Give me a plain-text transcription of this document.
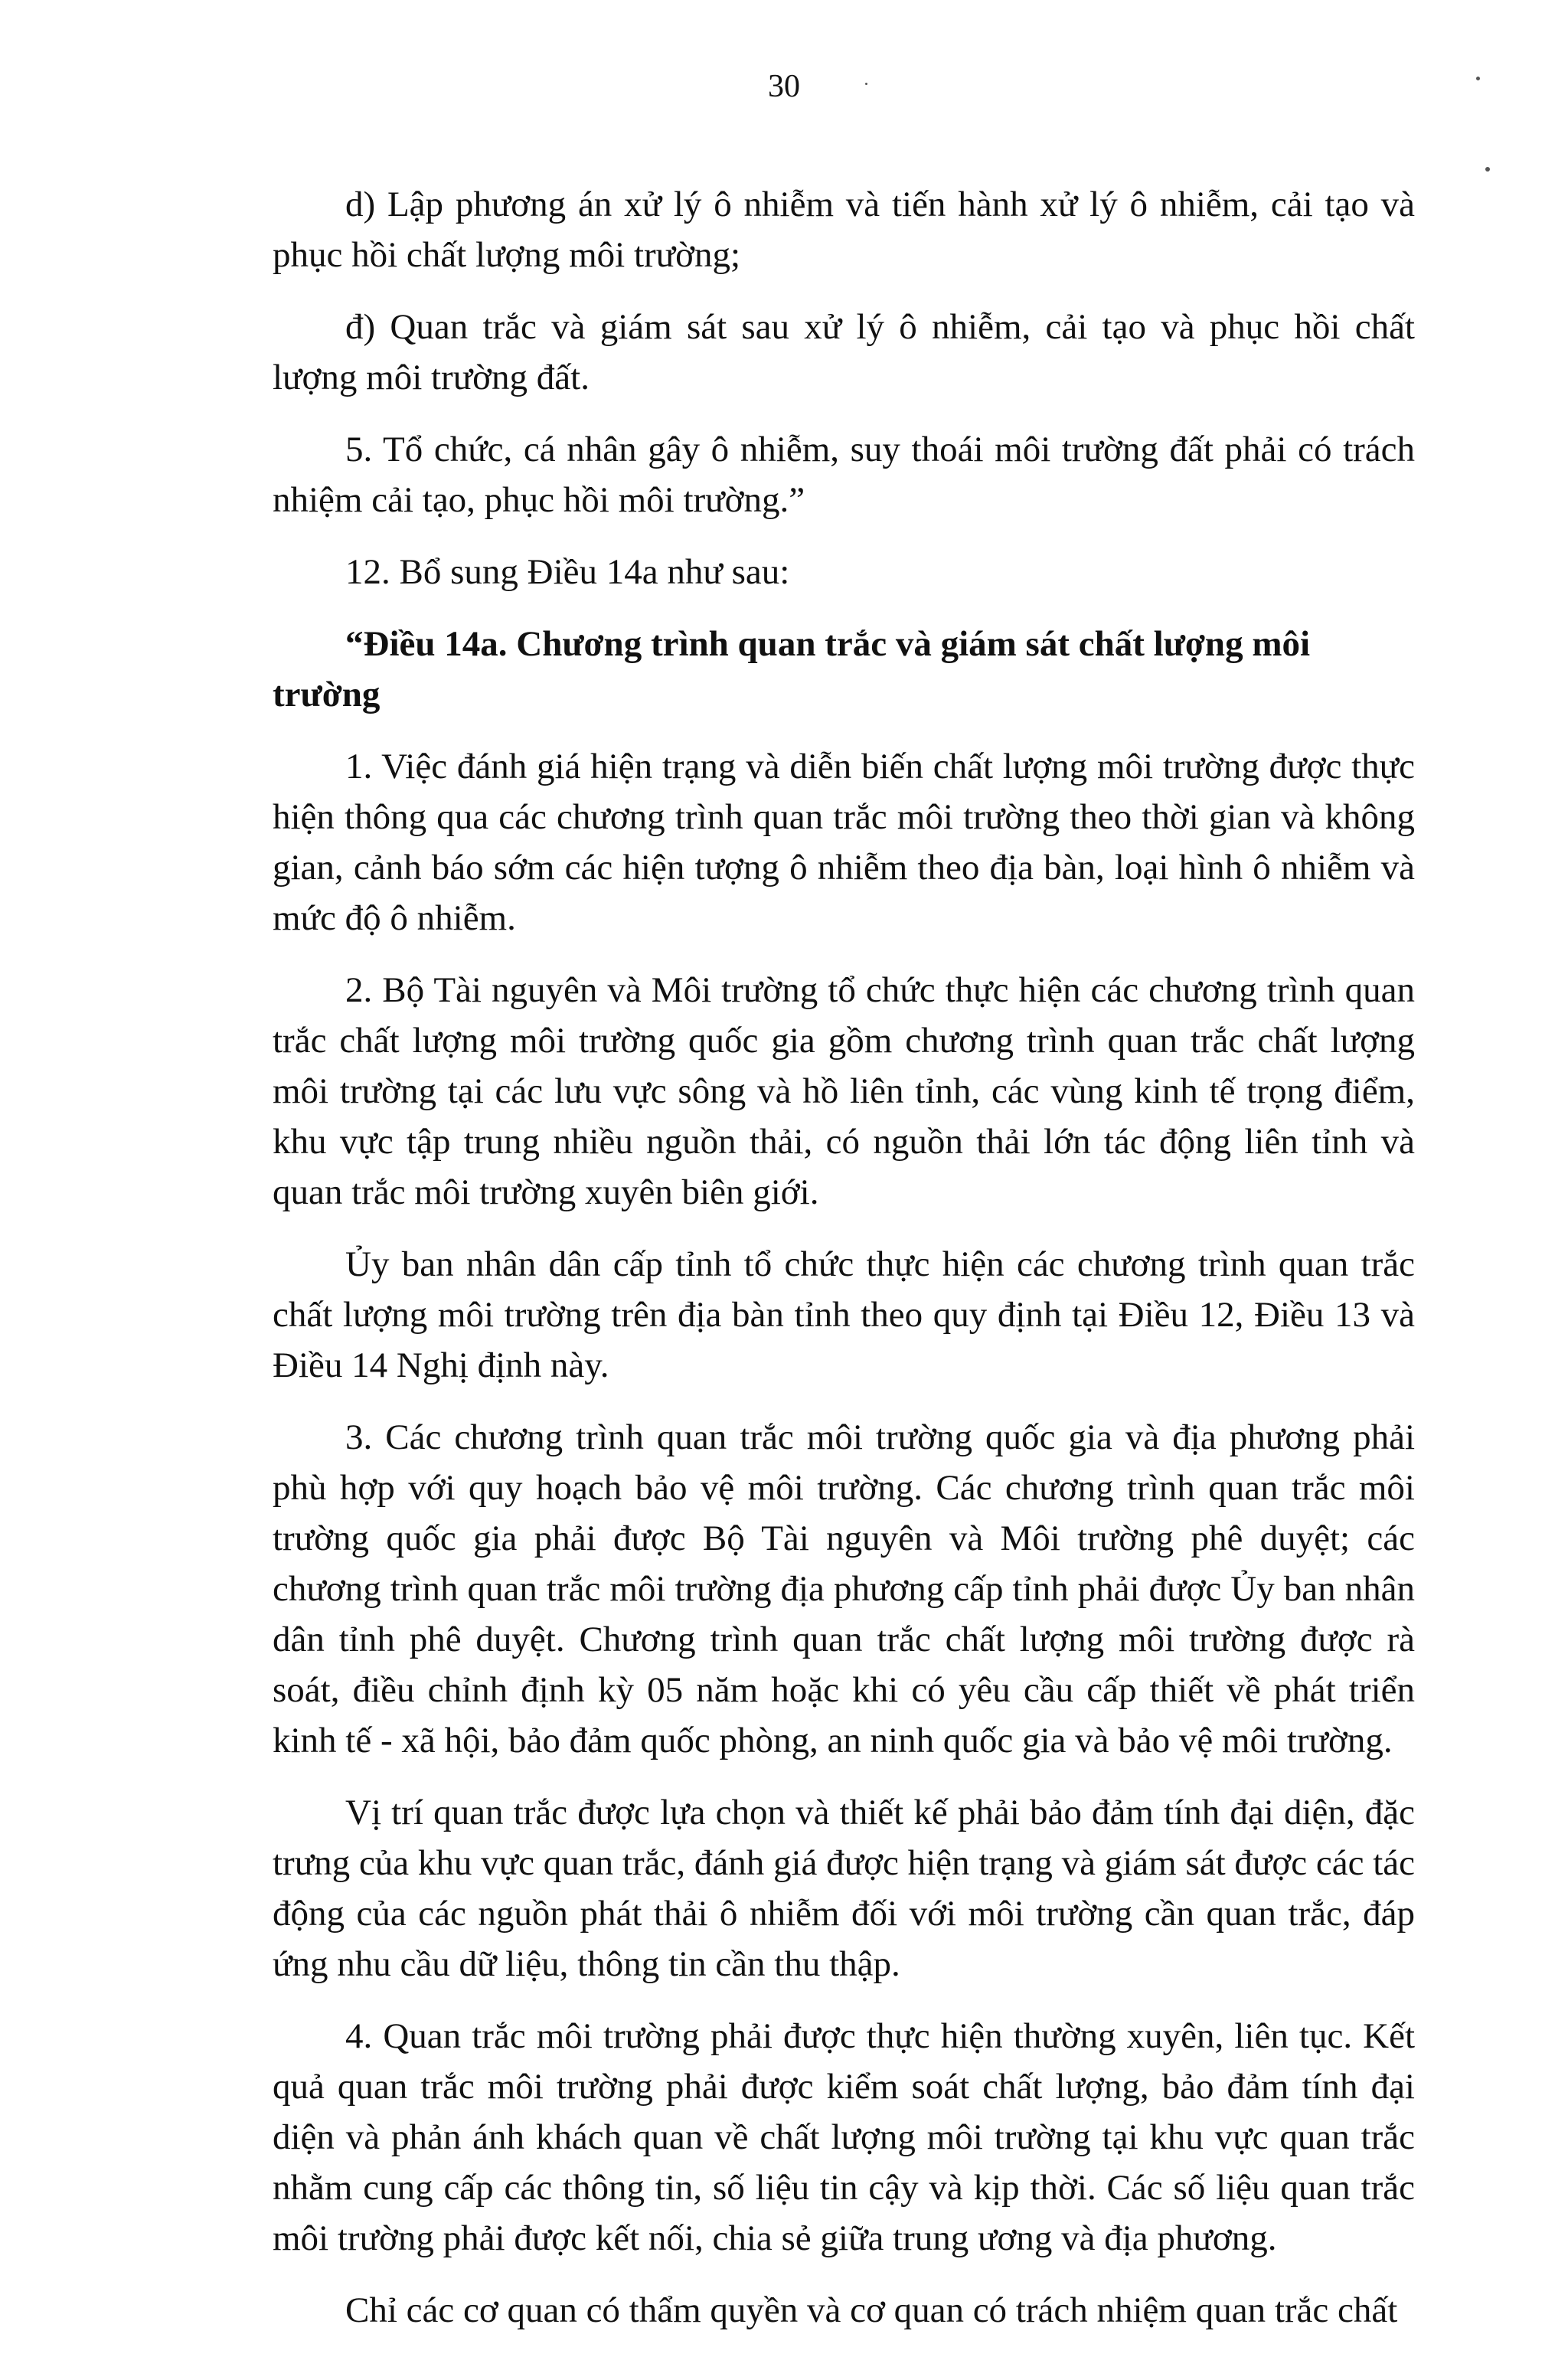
30

d) Lập phương án xử lý ô nhiễm và tiến hành xử lý ô nhiễm, cải tạo và phục hồi chất lượng môi trường;

đ) Quan trắc và giám sát sau xử lý ô nhiễm, cải tạo và phục hồi chất lượng môi trường đất.

5. Tổ chức, cá nhân gây ô nhiễm, suy thoái môi trường đất phải có trách nhiệm cải tạo, phục hồi môi trường.”

12. Bổ sung Điều 14a như sau:

“Điều 14a. Chương trình quan trắc và giám sát chất lượng môi trường

1. Việc đánh giá hiện trạng và diễn biến chất lượng môi trường được thực hiện thông qua các chương trình quan trắc môi trường theo thời gian và không gian, cảnh báo sớm các hiện tượng ô nhiễm theo địa bàn, loại hình ô nhiễm và mức độ ô nhiễm.

2. Bộ Tài nguyên và Môi trường tổ chức thực hiện các chương trình quan trắc chất lượng môi trường quốc gia gồm chương trình quan trắc chất lượng môi trường tại các lưu vực sông và hồ liên tỉnh, các vùng kinh tế trọng điểm, khu vực tập trung nhiều nguồn thải, có nguồn thải lớn tác động liên tỉnh và quan trắc môi trường xuyên biên giới.

Ủy ban nhân dân cấp tỉnh tổ chức thực hiện các chương trình quan trắc chất lượng môi trường trên địa bàn tỉnh theo quy định tại Điều 12, Điều 13 và Điều 14 Nghị định này.

3. Các chương trình quan trắc môi trường quốc gia và địa phương phải phù hợp với quy hoạch bảo vệ môi trường. Các chương trình quan trắc môi trường quốc gia phải được Bộ Tài nguyên và Môi trường phê duyệt; các chương trình quan trắc môi trường địa phương cấp tỉnh phải được Ủy ban nhân dân tỉnh phê duyệt. Chương trình quan trắc chất lượng môi trường được rà soát, điều chỉnh định kỳ 05 năm hoặc khi có yêu cầu cấp thiết về phát triển kinh tế - xã hội, bảo đảm quốc phòng, an ninh quốc gia và bảo vệ môi trường.

Vị trí quan trắc được lựa chọn và thiết kế phải bảo đảm tính đại diện, đặc trưng của khu vực quan trắc, đánh giá được hiện trạng và giám sát được các tác động của các nguồn phát thải ô nhiễm đối với môi trường cần quan trắc, đáp ứng nhu cầu dữ liệu, thông tin cần thu thập.

4. Quan trắc môi trường phải được thực hiện thường xuyên, liên tục. Kết quả quan trắc môi trường phải được kiểm soát chất lượng, bảo đảm tính đại diện và phản ánh khách quan về chất lượng môi trường tại khu vực quan trắc nhằm cung cấp các thông tin, số liệu tin cậy và kịp thời. Các số liệu quan trắc môi trường phải được kết nối, chia sẻ giữa trung ương và địa phương.

Chỉ các cơ quan có thẩm quyền và cơ quan có trách nhiệm quan trắc chất
